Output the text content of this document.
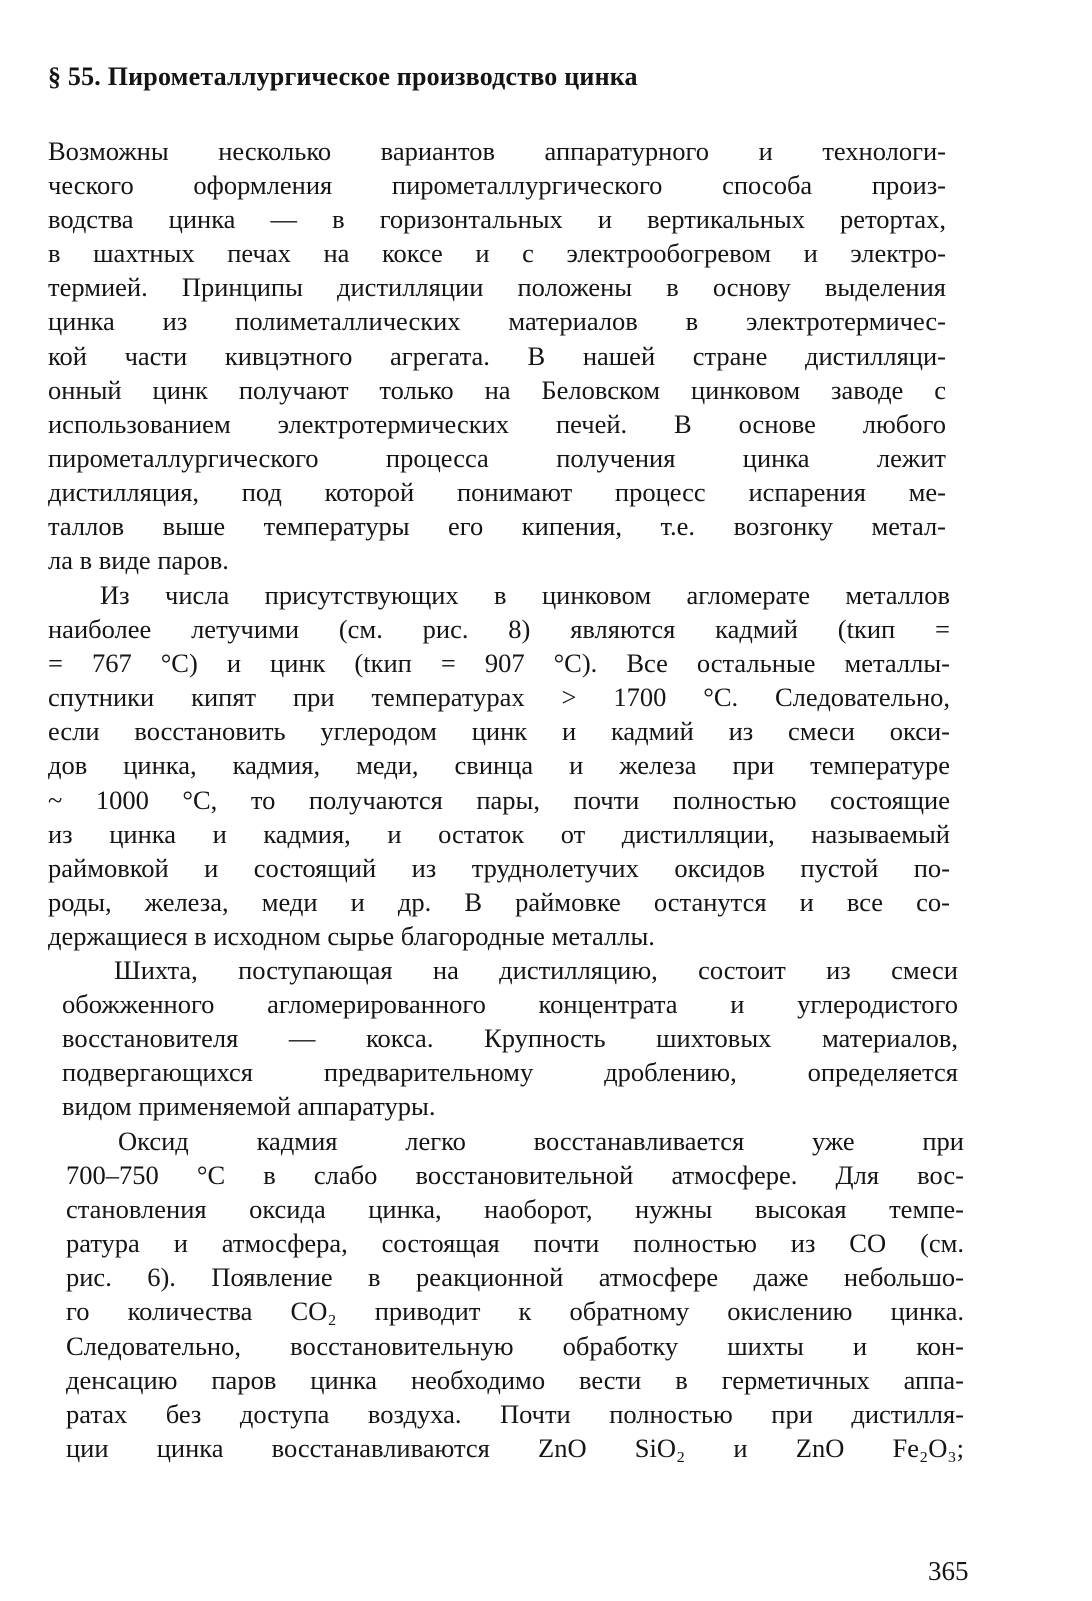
§ 55. Пирометаллургическое производство цинка
Возможны несколько вариантов аппаратурного и технологи-
ческого оформления пирометаллургического способа произ-
водства цинка — в горизонтальных и вертикальных ретортах,
в шахтных печах на коксе и с электрообогревом и электро-
термией. Принципы дистилляции положены в основу выделения
цинка из полиметаллических материалов в электротермичес-
кой части кивцэтного агрегата. В нашей стране дистилляци-
онный цинк получают только на Беловском цинковом заводе с
использованием электротермических печей. В основе любого
пирометаллургического процесса получения цинка лежит
дистилляция, под которой понимают процесс испарения ме-
таллов выше температуры его кипения, т.е. возгонку метал-
ла в виде паров.
Из числа присутствующих в цинковом агломерате металлов
наиболее летучими (см. рис. 8) являются кадмий (tкип =
= 767 °С) и цинк (tкип = 907 °С). Все остальные металлы-
спутники кипят при температурах > 1700 °С. Следовательно,
если восстановить углеродом цинк и кадмий из смеси окси-
дов цинка, кадмия, меди, свинца и железа при температуре
~ 1000 °С, то получаются пары, почти полностью состоящие
из цинка и кадмия, и остаток от дистилляции, называемый
раймовкой и состоящий из труднолетучих оксидов пустой по-
роды, железа, меди и др. В раймовке останутся и все со-
держащиеся в исходном сырье благородные металлы.
Шихта, поступающая на дистилляцию, состоит из смеси
обожженного агломерированного концентрата и углеродистого
восстановителя — кокса. Крупность шихтовых материалов,
подвергающихся предварительному дроблению, определяется
видом применяемой аппаратуры.
Оксид кадмия легко восстанавливается уже при
700–750 °С в слабо восстановительной атмосфере. Для вос-
становления оксида цинка, наоборот, нужны высокая темпе-
ратура и атмосфера, состоящая почти полностью из СО (см.
рис. 6). Появление в реакционной атмосфере даже небольшо-
го количества СО₂ приводит к обратному окислению цинка.
Следовательно, восстановительную обработку шихты и кон-
денсацию паров цинка необходимо вести в герметичных аппа-
ратах без доступа воздуха. Почти полностью при дистилля-
ции цинка восстанавливаются ZnO SiO₂ и ZnO Fe₂O₃;
365
